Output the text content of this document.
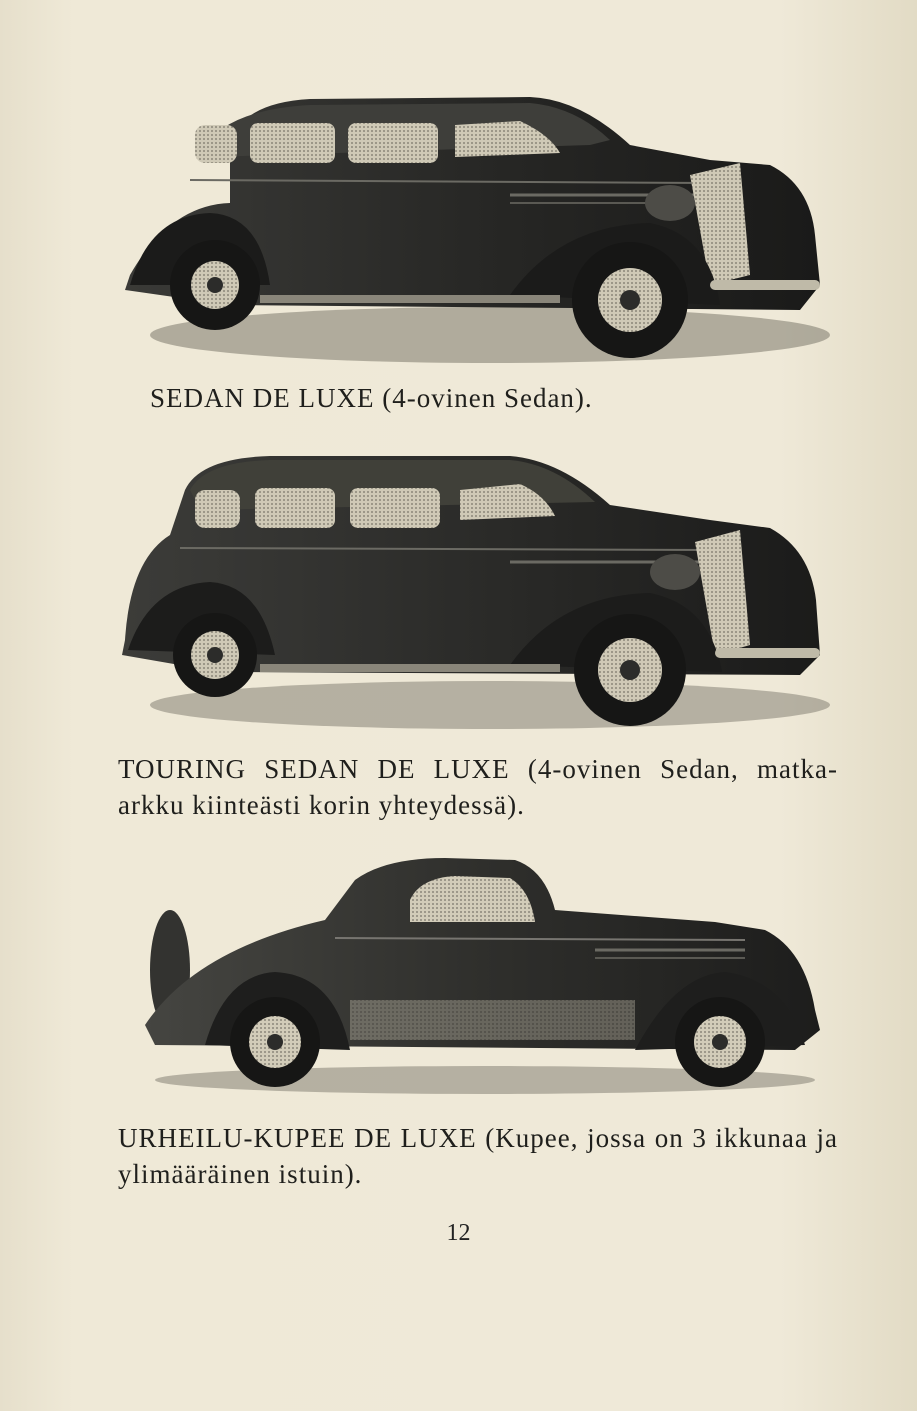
SEDAN DE LUXE (4-ovinen Sedan).
TOURING SEDAN DE LUXE (4-ovinen Sedan, matka-arkku kiinteästi korin yhteydessä).
URHEILU-KUPEE DE LUXE (Kupee, jossa on 3 ikkunaa ja ylimääräinen istuin).
12
